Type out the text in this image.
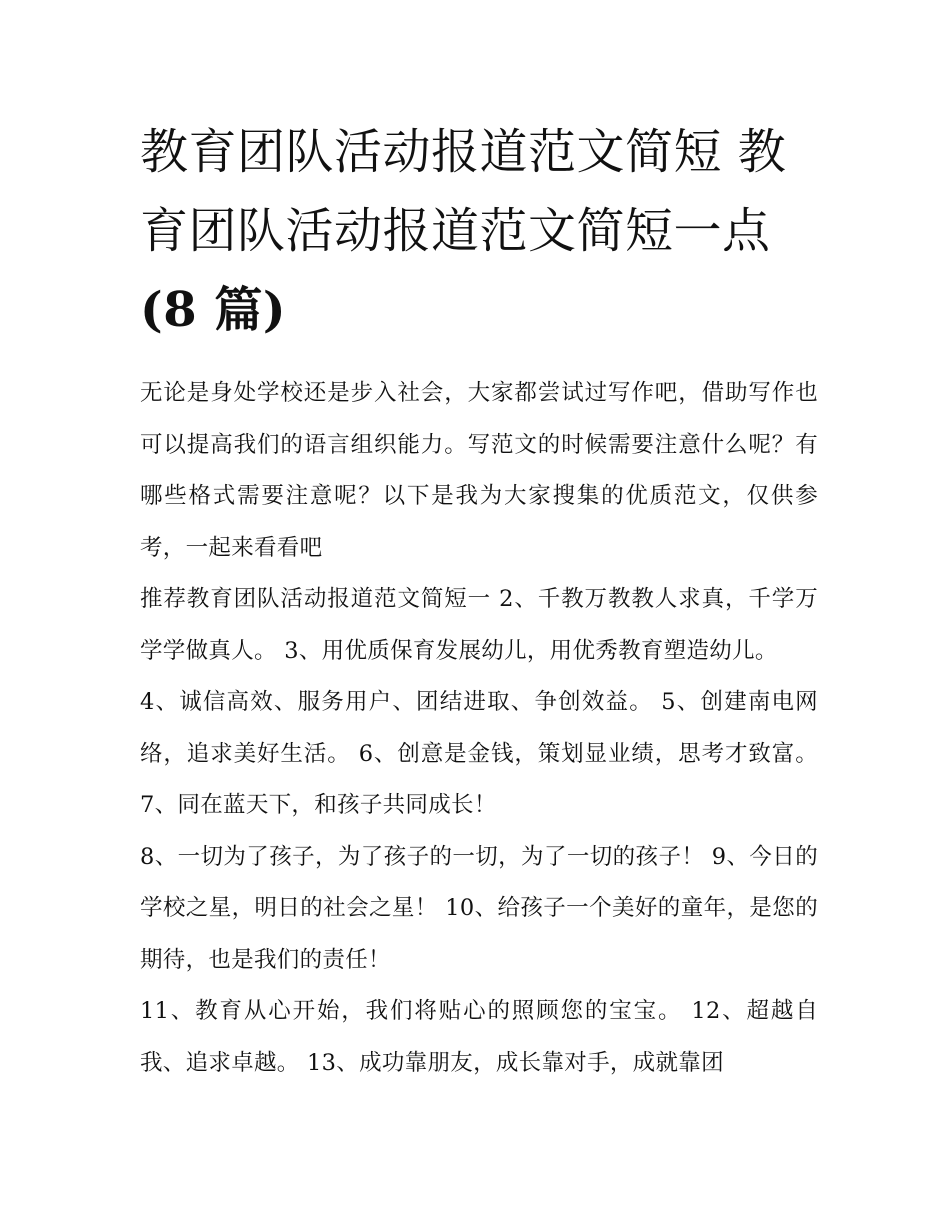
教育团队活动报道范文简短 教
育团队活动报道范文简短一点
(8 篇)

无论是身处学校还是步入社会，大家都尝试过写作吧，借助写作也可以提高我们的语言组织能力。写范文的时候需要注意什么呢？有哪些格式需要注意呢？以下是我为大家搜集的优质范文，仅供参考，一起来看看吧

推荐教育团队活动报道范文简短一 2、千教万教教人求真，千学万学学做真人。 3、用优质保育发展幼儿，用优秀教育塑造幼儿。

4、诚信高效、服务用户、团结进取、争创效益。 5、创建南电网络，追求美好生活。 6、创意是金钱，策划显业绩，思考才致富。 7、同在蓝天下，和孩子共同成长！

8、一切为了孩子，为了孩子的一切，为了一切的孩子！ 9、今日的学校之星，明日的社会之星！ 10、给孩子一个美好的童年，是您的期待，也是我们的责任！

11、教育从心开始，我们将贴心的照顾您的宝宝。 12、超越自我、追求卓越。 13、成功靠朋友，成长靠对手，成就靠团
